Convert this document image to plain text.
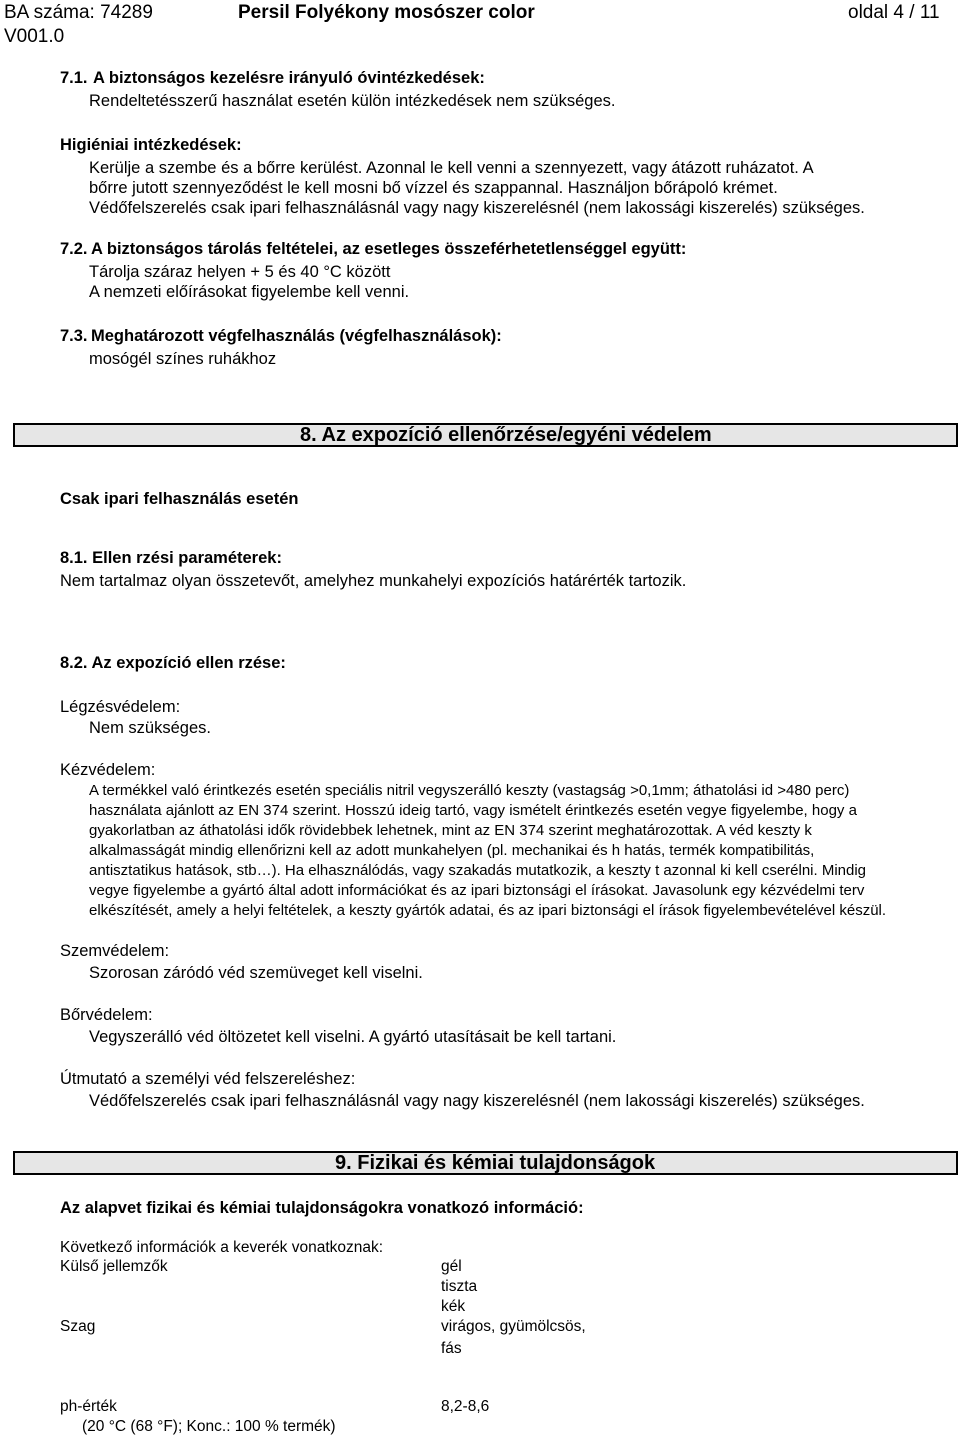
BA száma: 74289
V001.0
Persil Folyékony mosószer color	oldal 4 / 11
7.1. A biztonságos kezelésre irányuló óvintézkedések:
Rendeltetésszerű használat esetén külön intézkedések nem szükséges.
Higiéniai intézkedések:
Kerülje a szembe és a bőrre kerülést. Azonnal le kell venni a szennyezett, vagy átázott ruházatot. A
bőrre jutott szennyeződést le kell mosni bő vízzel és szappannal. Használjon bőrápoló krémet.
Védőfelszerelés csak ipari felhasználásnál vagy nagy kiszerelésnél (nem lakossági kiszerelés) szükséges.
7.2. A biztonságos tárolás feltételei, az esetleges összeférhetetlenséggel együtt:
Tárolja száraz helyen + 5 és 40 °C között
A nemzeti előírásokat figyelembe kell venni.
7.3. Meghatározott végfelhasználás (végfelhasználások):
mosógél színes ruhákhoz
8. Az expozíció ellenőrzése/egyéni védelem
Csak ipari felhasználás esetén
8.1. Ellen rzési paraméterek:
Nem tartalmaz olyan összetevőt, amelyhez munkahelyi expozíciós határérték tartozik.
8.2. Az expozíció ellen rzése:
Légzésvédelem:
Nem szükséges.
Kézvédelem:
A termékkel való érintkezés esetén speciális nitril vegyszerálló keszty (vastagság >0,1mm; áthatolási id >480 perc)
használata ajánlott az EN 374 szerint. Hosszú ideig tartó, vagy ismételt érintkezés esetén vegye figyelembe, hogy a
gyakorlatban az áthatolási idők rövidebbek lehetnek, mint az EN 374 szerint meghatározottak. A véd keszty k
alkalmasságát mindig ellenőrizni kell az adott munkahelyen (pl. mechanikai és h hatás, termék kompatibilitás,
antisztatikus hatások, stb…). Ha elhasználódás, vagy szakadás mutatkozik, a keszty t azonnal ki kell cserélni. Mindig
vegye figyelembe a gyártó által adott információkat és az ipari biztonsági el írásokat. Javasolunk egy kézvédelmi terv
elkészítését, amely a helyi feltételek, a keszty gyártók adatai, és az ipari biztonsági el írások figyelembevételével készül.
Szemvédelem:
Szorosan záródó véd szemüveget kell viselni.
Bőrvédelem:
Vegyszerálló véd öltözetet kell viselni. A gyártó utasításait be kell tartani.
Útmutató a személyi véd felszereléshez:
Védőfelszerelés csak ipari felhasználásnál vagy nagy kiszerelésnél (nem lakossági kiszerelés) szükséges.
9. Fizikai és kémiai tulajdonságok
Az alapvet fizikai és kémiai tulajdonságokra vonatkozó információ:
Következő információk a keverék vonatkoznak:
Külső jellemzők	gél
tiszta
kék
Szag	virágos, gyümölcsös,
fás
ph-érték	8,2-8,6
(20 °C (68 °F); Konc.: 100 % termék)
